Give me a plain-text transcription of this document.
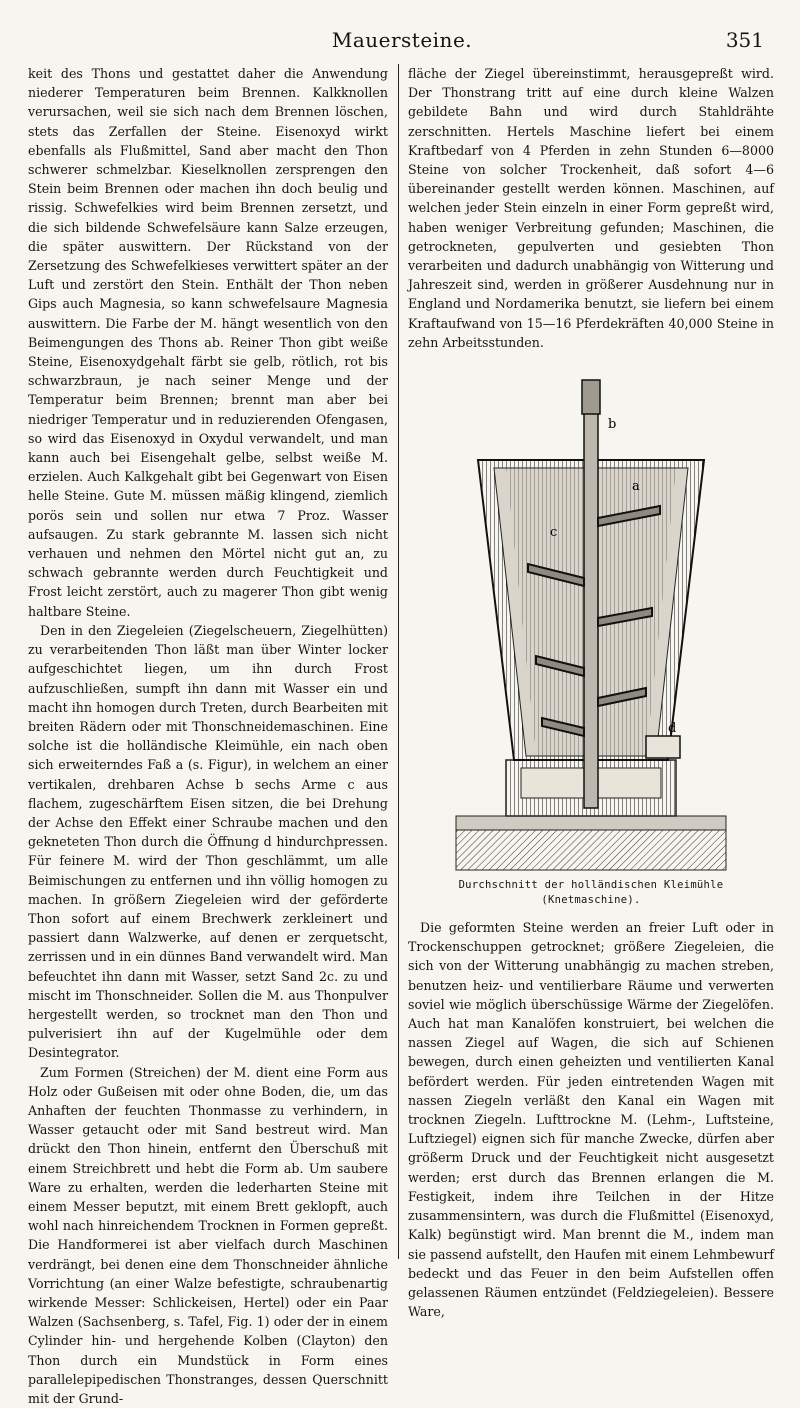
Mauersteine.	351

keit des Thons und gestattet daher die Anwendung niederer Temperaturen beim Brennen. Kalkknollen verursachen, weil sie sich nach dem Brennen löschen, stets das Zerfallen der Steine. Eisenoxyd wirkt ebenfalls als Flußmittel, Sand aber macht den Thon schwerer schmelzbar. Kieselknollen zersprengen den Stein beim Brennen oder machen ihn doch beulig und rissig. Schwefelkies wird beim Brennen zersetzt, und die sich bildende Schwefelsäure kann Salze erzeugen, die später auswittern. Der Rückstand von der Zersetzung des Schwefelkieses verwittert später an der Luft und zerstört den Stein. Enthält der Thon neben Gips auch Magnesia, so kann schwefelsaure Magnesia auswittern. Die Farbe der M. hängt wesentlich von den Beimengungen des Thons ab. Reiner Thon gibt weiße Steine, Eisenoxydgehalt färbt sie gelb, rötlich, rot bis schwarzbraun, je nach seiner Menge und der Temperatur beim Brennen; brennt man aber bei niedriger Temperatur und in reduzierenden Ofengasen, so wird das Eisenoxyd in Oxydul verwandelt, und man kann auch bei Eisengehalt gelbe, selbst weiße M. erzielen. Auch Kalkgehalt gibt bei Gegenwart von Eisen helle Steine. Gute M. müssen mäßig klingend, ziemlich porös sein und sollen nur etwa 7 Proz. Wasser aufsaugen. Zu stark gebrannte M. lassen sich nicht verhauen und nehmen den Mörtel nicht gut an, zu schwach gebrannte werden durch Feuchtigkeit und Frost leicht zerstört, auch zu magerer Thon gibt wenig haltbare Steine.

Den in den Ziegeleien (Ziegelscheuern, Ziegelhütten) zu verarbeitenden Thon läßt man über Winter locker aufgeschichtet liegen, um ihn durch Frost aufzuschließen, sumpft ihn dann mit Wasser ein und macht ihn homogen durch Treten, durch Bearbeiten mit breiten Rädern oder mit Thonschneidemaschinen. Eine solche ist die holländische Kleimühle, ein nach oben sich erweiterndes Faß a (s. Figur), in welchem an einer vertikalen, drehbaren Achse b sechs Arme c aus flachem, zugeschärftem Eisen sitzen, die bei Drehung der Achse den Effekt einer Schraube machen und den gekneteten Thon durch die Öffnung d hindurchpressen. Für feinere M. wird der Thon geschlämmt, um alle Beimischungen zu entfernen und ihn völlig homogen zu machen. In größern Ziegeleien wird der geförderte Thon sofort auf einem Brechwerk zerkleinert und passiert dann Walzwerke, auf denen er zerquetscht, zerrissen und in ein dünnes Band verwandelt wird. Man befeuchtet ihn dann mit Wasser, setzt Sand 2c. zu und mischt im Thonschneider. Sollen die M. aus Thonpulver hergestellt werden, so trocknet man den Thon und pulverisiert ihn auf der Kugelmühle oder dem Desintegrator.

Zum Formen (Streichen) der M. dient eine Form aus Holz oder Gußeisen mit oder ohne Boden, die, um das Anhaften der feuchten Thonmasse zu verhindern, in Wasser getaucht oder mit Sand bestreut wird. Man drückt den Thon hinein, entfernt den Überschuß mit einem Streichbrett und hebt die Form ab. Um saubere Ware zu erhalten, werden die lederharten Steine mit einem Messer beputzt, mit einem Brett geklopft, auch wohl nach hinreichendem Trocknen in Formen gepreßt. Die Handformerei ist aber vielfach durch Maschinen verdrängt, bei denen eine dem Thonschneider ähnliche Vorrichtung (an einer Walze befestigte, schraubenartig wirkende Messer: Schlickeisen, Hertel) oder ein Paar Walzen (Sachsenberg, s. Tafel, Fig. 1) oder der in einem Cylinder hin- und hergehende Kolben (Clayton) den Thon durch ein Mundstück in Form eines parallelepipedischen Thonstranges, dessen Querschnitt mit der Grund-

fläche der Ziegel übereinstimmt, herausgepreßt wird. Der Thonstrang tritt auf eine durch kleine Walzen gebildete Bahn und wird durch Stahldrähte zerschnitten. Hertels Maschine liefert bei einem Kraftbedarf von 4 Pferden in zehn Stunden 6—8000 Steine von solcher Trockenheit, daß sofort 4—6 übereinander gestellt werden können. Maschinen, auf welchen jeder Stein einzeln in einer Form gepreßt wird, haben weniger Verbreitung gefunden; Maschinen, die getrockneten, gepulverten und gesiebten Thon verarbeiten und dadurch unabhängig von Witterung und Jahreszeit sind, werden in größerer Ausdehnung nur in England und Nordamerika benutzt, sie liefern bei einem Kraftaufwand von 15—16 Pferdekräften 40,000 Steine in zehn Arbeitsstunden.

b
a
c
d
Durchschnitt der holländischen Kleimühle
(Knetmaschine).

Die geformten Steine werden an freier Luft oder in Trockenschuppen getrocknet; größere Ziegeleien, die sich von der Witterung unabhängig zu machen streben, benutzen heiz- und ventilierbare Räume und verwerten soviel wie möglich überschüssige Wärme der Ziegelöfen. Auch hat man Kanalöfen konstruiert, bei welchen die nassen Ziegel auf Wagen, die sich auf Schienen bewegen, durch einen geheizten und ventilierten Kanal befördert werden. Für jeden eintretenden Wagen mit nassen Ziegeln verläßt den Kanal ein Wagen mit trocknen Ziegeln. Lufttrockne M. (Lehm-, Luftsteine, Luftziegel) eignen sich für manche Zwecke, dürfen aber größerm Druck und der Feuchtigkeit nicht ausgesetzt werden; erst durch das Brennen erlangen die M. Festigkeit, indem ihre Teilchen in der Hitze zusammensintern, was durch die Flußmittel (Eisenoxyd, Kalk) begünstigt wird. Man brennt die M., indem man sie passend aufstellt, den Haufen mit einem Lehmbewurf bedeckt und das Feuer in den beim Aufstellen offen gelassenen Räumen entzündet (Feldziegeleien). Bessere Ware,
